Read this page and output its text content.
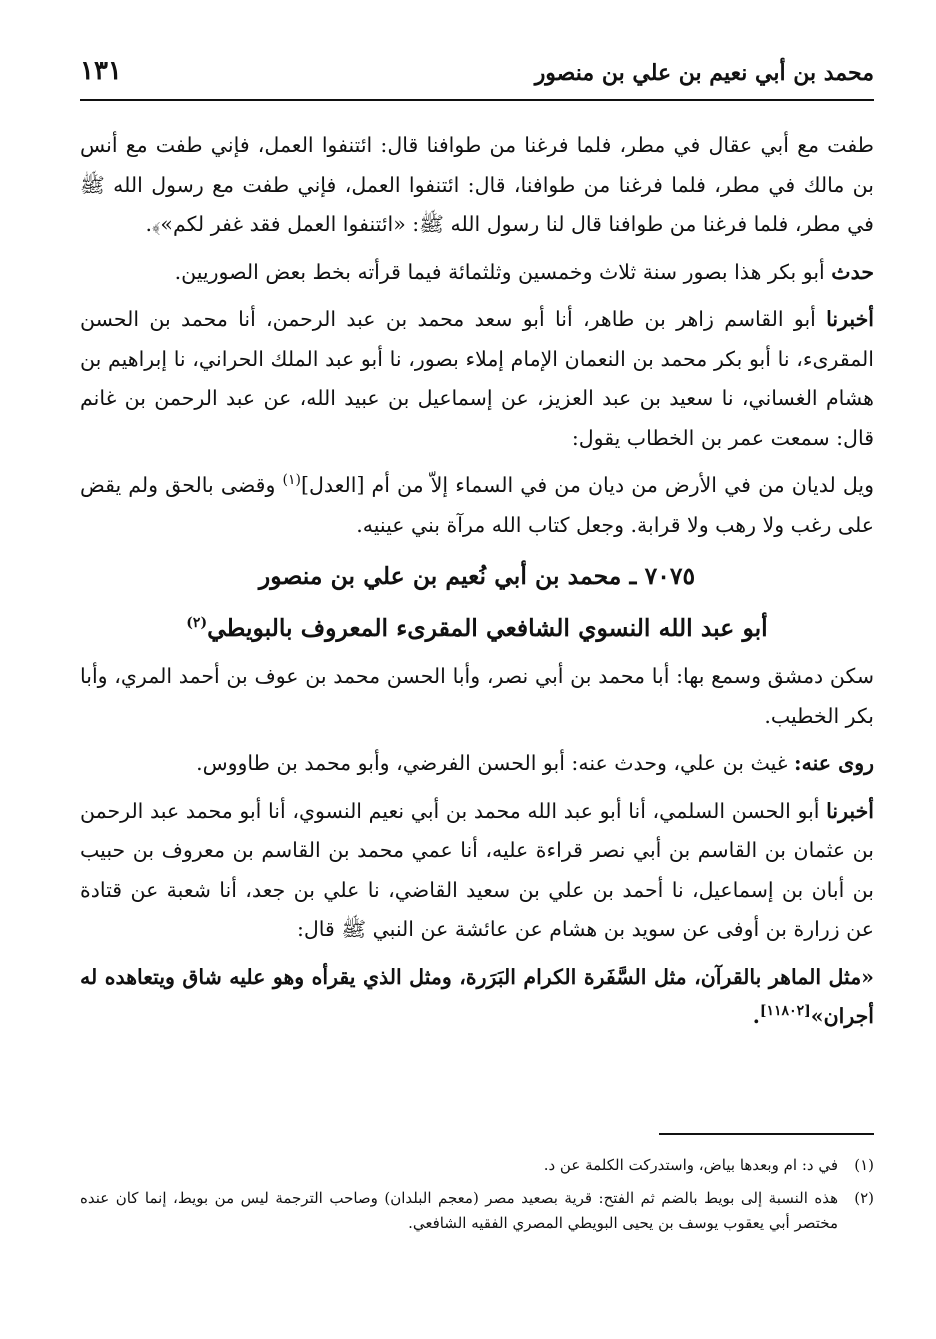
محمد بن أبي نعيم بن علي بن منصور
١٣١

طفت مع أبي عقال في مطر، فلما فرغنا من طوافنا قال: ائتنفوا العمل، فإني طفت مع أنس بن مالك في مطر، فلما فرغنا من طوافنا، قال: ائتنفوا العمل، فإني طفت مع رسول الله ﷺ في مطر، فلما فرغنا من طوافنا قال لنا رسول الله ﷺ: «ائتنفوا العمل فقد غفر لكم»﴾.

حدث أبو بكر هذا بصور سنة ثلاث وخمسين وثلثمائة فيما قرأته بخط بعض الصوريين.

أخبرنا أبو القاسم زاهر بن طاهر، أنا أبو سعد محمد بن عبد الرحمن، أنا محمد بن الحسن المقرىء، نا أبو بكر محمد بن النعمان الإمام إملاء بصور، نا أبو عبد الملك الحراني، نا إبراهيم بن هشام الغساني، نا سعيد بن عبد العزيز، عن إسماعيل بن عبيد الله، عن عبد الرحمن بن غانم قال: سمعت عمر بن الخطاب يقول:

ويل لديان من في الأرض من ديان من في السماء إلاّ من أم [العدل]$^{(١)}$ وقضى بالحق ولم يقض على رغب ولا رهب ولا قرابة. وجعل كتاب الله مرآة بني عينيه.

٧٠٧٥ ـ محمد بن أبي نُعيم بن علي بن منصور
أبو عبد الله النسوي الشافعي المقرىء المعروف بالبويطي$^{(٢)}$

سكن دمشق وسمع بها: أبا محمد بن أبي نصر، وأبا الحسن محمد بن عوف بن أحمد المري، وأبا بكر الخطيب.

روى عنه: غيث بن علي، وحدث عنه: أبو الحسن الفرضي، وأبو محمد بن طاووس.

أخبرنا أبو الحسن السلمي، أنا أبو عبد الله محمد بن أبي نعيم النسوي، أنا أبو محمد عبد الرحمن بن عثمان بن القاسم بن أبي نصر قراءة عليه، أنا عمي محمد بن القاسم بن معروف بن حبيب بن أبان بن إسماعيل، نا أحمد بن علي بن سعيد القاضي، نا علي بن جعد، أنا شعبة عن قتادة عن زرارة بن أوفى عن سويد بن هشام عن عائشة عن النبي ﷺ قال:

«مثل الماهر بالقرآن، مثل السَّفَرة الكرام البَرَرة، ومثل الذي يقرأه وهو عليه شاق ويتعاهده له أجران»[١١٨٠٢].

(١)
في د: ام وبعدها بياض، واستدركت الكلمة عن د.
(٢)
هذه النسبة إلى بويط بالضم ثم الفتح: قرية بصعيد مصر (معجم البلدان) وصاحب الترجمة ليس من بويط، إنما كان عنده مختصر أبي يعقوب يوسف بن يحيى البويطي المصري الفقيه الشافعي.
